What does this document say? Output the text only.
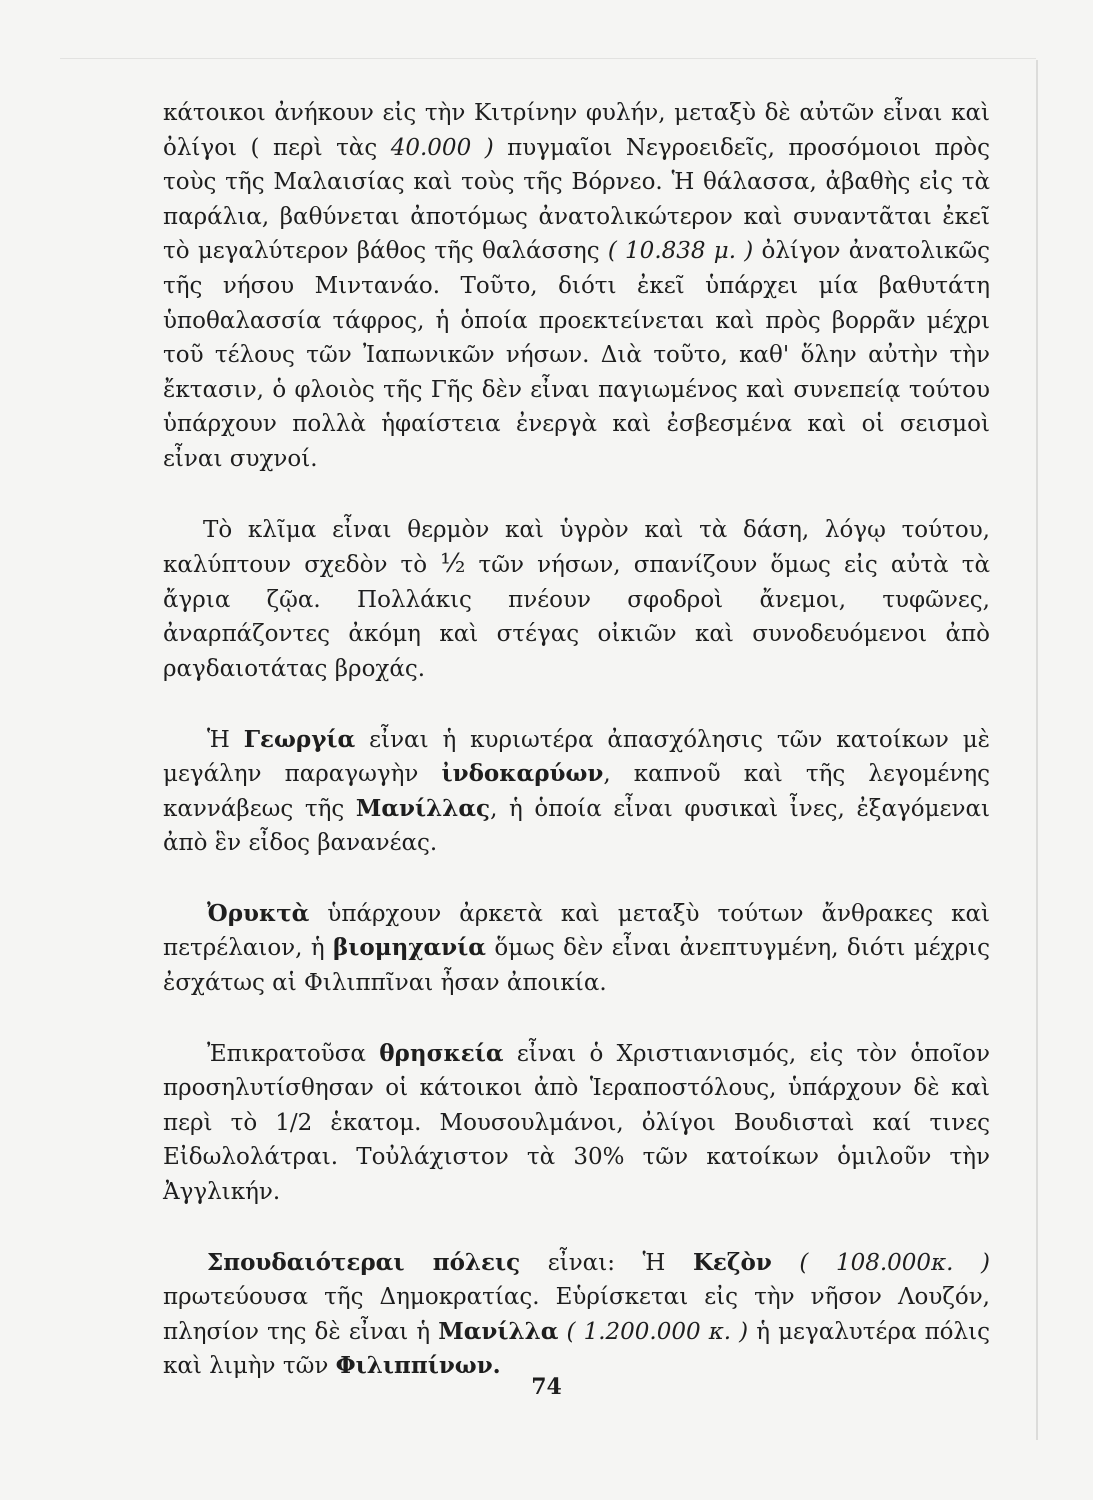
κάτοικοι ἀνήκουν εἰς τὴν Κιτρίνην φυλήν, μεταξὺ δὲ αὐτῶν εἶναι καὶ ὀλίγοι ( περὶ τὰς 40.000 ) πυγμαῖοι Νεγροειδεῖς, προσόμοιοι πρὸς τοὺς τῆς Μαλαισίας καὶ τοὺς τῆς Βόρνεο. Ἡ θάλασσα, ἀβαθὴς εἰς τὰ παράλια, βαθύνεται ἀποτόμως ἀνατολικώτερον καὶ συναντᾶται ἐκεῖ τὸ μεγαλύτερον βάθος τῆς θαλάσσης ( 10.838 μ. ) ὀλίγον ἀνατολικῶς τῆς νήσου Μιντανάο. Τοῦτο, διότι ἐκεῖ ὑπάρχει μία βαθυτάτη ὑποθαλασσία τάφρος, ἡ ὁποία προεκτείνεται καὶ πρὸς βορρᾶν μέχρι τοῦ τέλους τῶν Ἰαπωνικῶν νήσων. Διὰ τοῦτο, καθ' ὅλην αὐτὴν τὴν ἔκτασιν, ὁ φλοιὸς τῆς Γῆς δὲν εἶναι παγιωμένος καὶ συνεπείᾳ τούτου ὑπάρχουν πολλὰ ἡφαίστεια ἐνεργὰ καὶ ἐσβεσμένα καὶ οἱ σεισμοὶ εἶναι συχνοί.

Τὸ κλῖμα εἶναι θερμὸν καὶ ὑγρὸν καὶ τὰ δάση, λόγῳ τούτου, καλύπτουν σχεδὸν τὸ ½ τῶν νήσων, σπανίζουν ὅμως εἰς αὐτὰ τὰ ἄγρια ζῷα. Πολλάκις πνέουν σφοδροὶ ἄνεμοι, τυφῶνες, ἀναρπάζοντες ἀκόμη καὶ στέγας οἰκιῶν καὶ συνοδευόμενοι ἀπὸ ραγδαιοτάτας βροχάς.

Ἡ Γεωργία εἶναι ἡ κυριωτέρα ἀπασχόλησις τῶν κατοίκων μὲ μεγάλην παραγωγὴν ἰνδοκαρύων, καπνοῦ καὶ τῆς λεγομένης καννάβεως τῆς Μανίλλας, ἡ ὁποία εἶναι φυσικαὶ ἶνες, ἐξαγόμεναι ἀπὸ ἓν εἶδος βανανέας.

Ὀρυκτὰ ὑπάρχουν ἀρκετὰ καὶ μεταξὺ τούτων ἄνθρακες καὶ πετρέλαιον, ἡ βιομηχανία ὅμως δὲν εἶναι ἀνεπτυγμένη, διότι μέχρις ἐσχάτως αἱ Φιλιππῖναι ἦσαν ἀποικία.

Ἐπικρατοῦσα θρησκεία εἶναι ὁ Χριστιανισμός, εἰς τὸν ὁποῖον προσηλυτίσθησαν οἱ κάτοικοι ἀπὸ Ἱεραποστόλους, ὑπάρχουν δὲ καὶ περὶ τὸ 1/2 ἑκατομ. Μουσουλμάνοι, ὀλίγοι Βουδισταὶ καί τινες Εἰδωλολάτραι. Τοὐλάχιστον τὰ 30% τῶν κατοίκων ὁμιλοῦν τὴν Ἀγγλικήν.

Σπουδαιότεραι πόλεις εἶναι: Ἡ Κεζὸν ( 108.000κ. ) πρωτεύουσα τῆς Δημοκρατίας. Εὑρίσκεται εἰς τὴν νῆσον Λουζόν, πλησίον της δὲ εἶναι ἡ Μανίλλα ( 1.200.000 κ. ) ἡ μεγαλυτέρα πόλις καὶ λιμὴν τῶν Φιλιππίνων.

74
